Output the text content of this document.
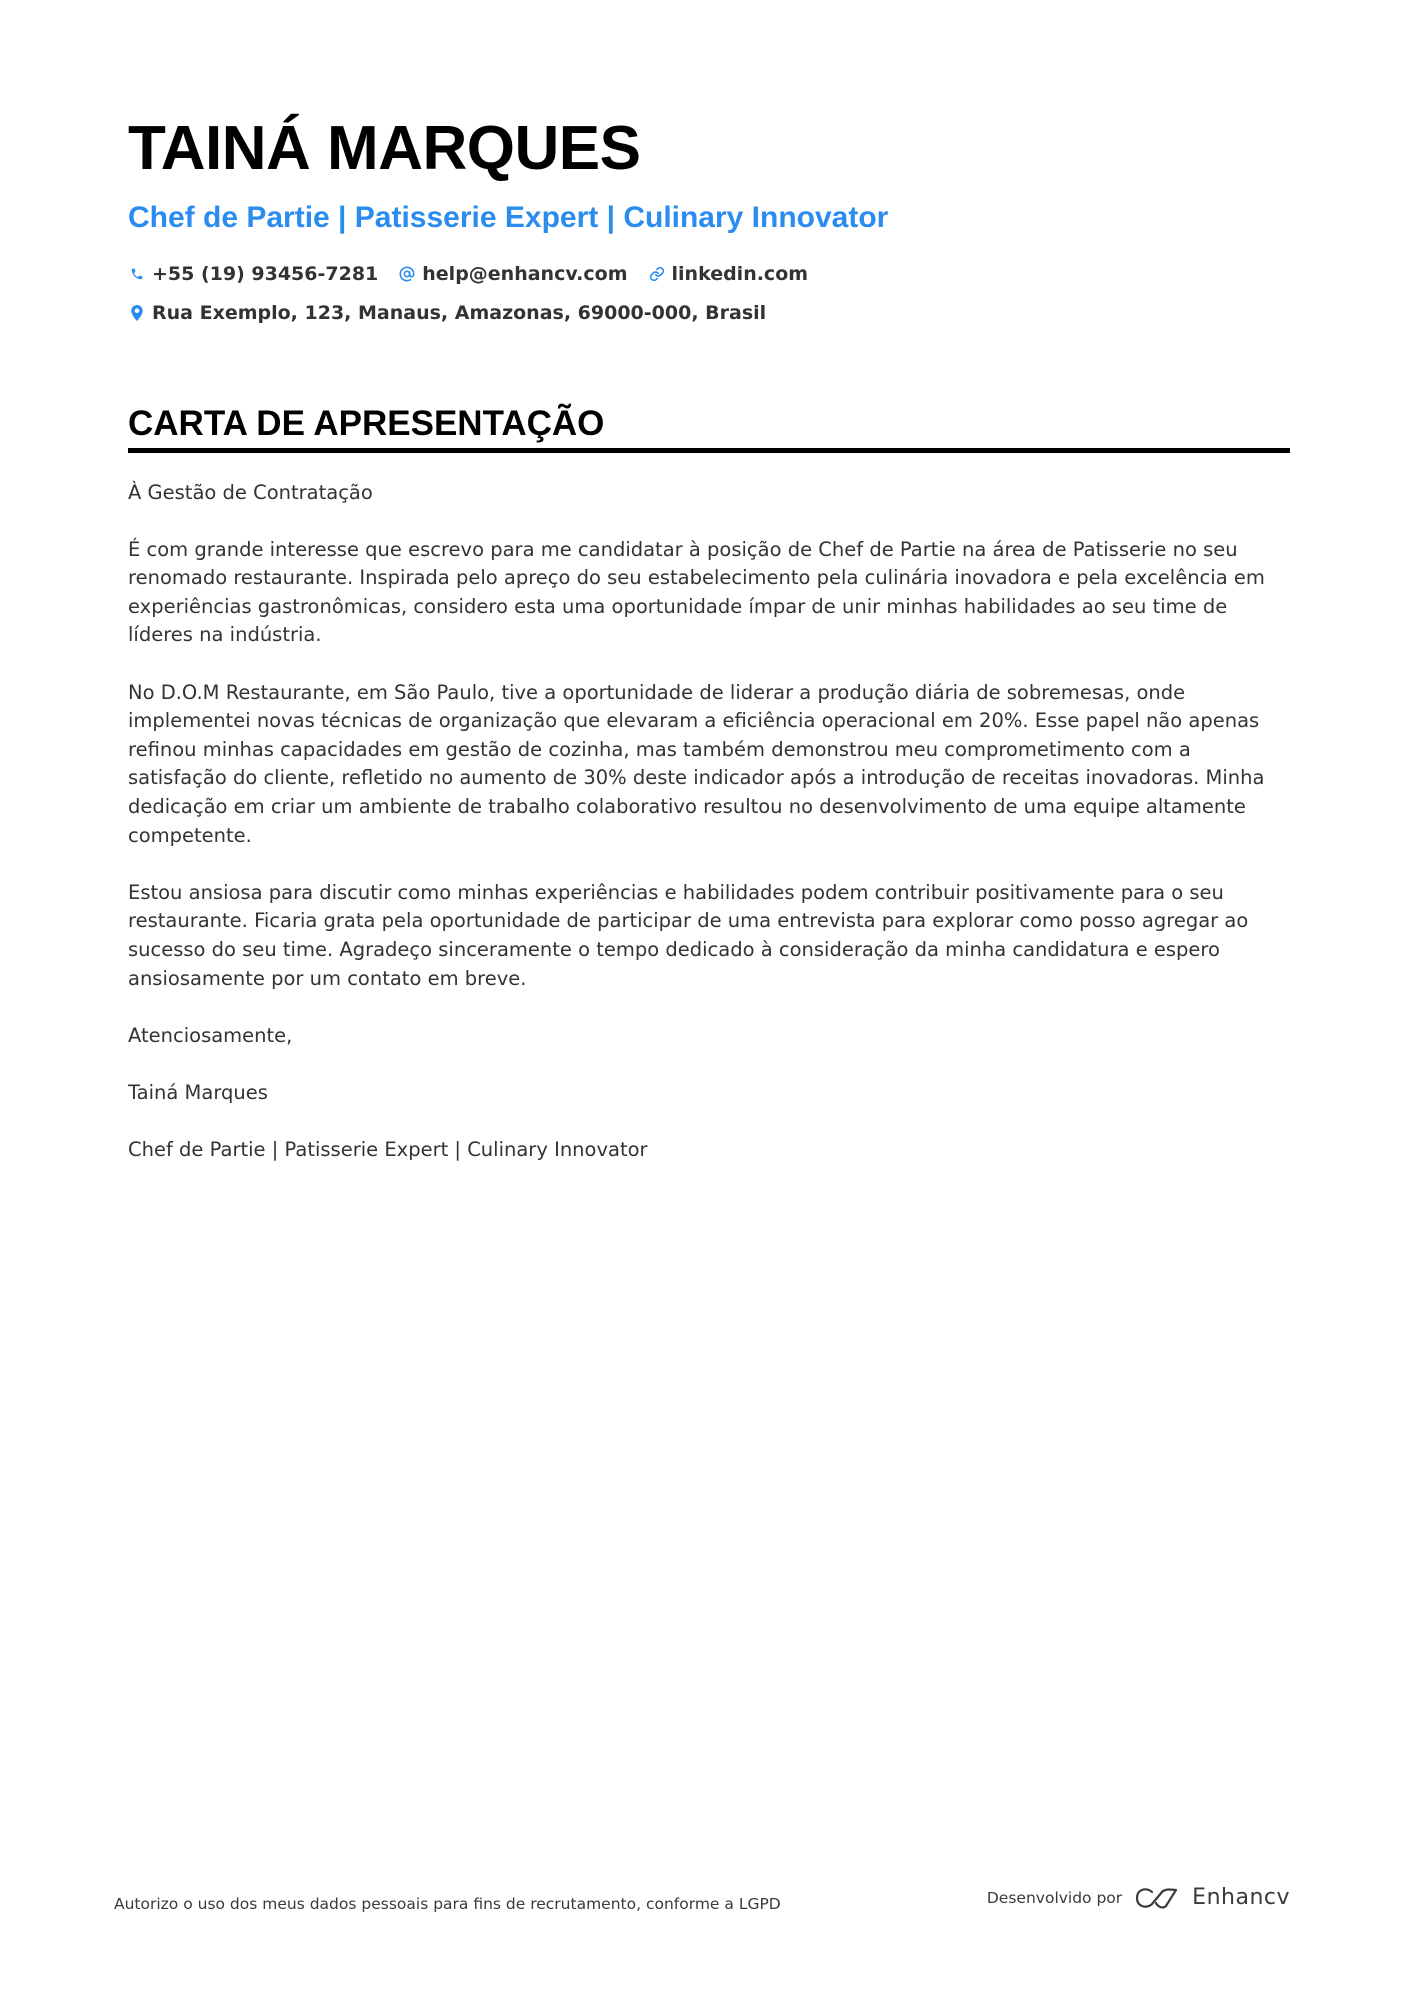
TAINÁ MARQUES
Chef de Partie | Patisserie Expert | Culinary Innovator
+55 (19) 93456-7281 help@enhancv.com linkedin.com
Rua Exemplo, 123, Manaus, Amazonas, 69000-000, Brasil
CARTA DE APRESENTAÇÃO

À Gestão de Contratação

É com grande interesse que escrevo para me candidatar à posição de Chef de Partie na área de Patisserie no seu renomado restaurante. Inspirada pelo apreço do seu estabelecimento pela culinária inovadora e pela excelência em experiências gastronômicas, considero esta uma oportunidade ímpar de unir minhas habilidades ao seu time de líderes na indústria.

No D.O.M Restaurante, em São Paulo, tive a oportunidade de liderar a produção diária de sobremesas, onde implementei novas técnicas de organização que elevaram a eficiência operacional em 20%. Esse papel não apenas refinou minhas capacidades em gestão de cozinha, mas também demonstrou meu comprometimento com a satisfação do cliente, refletido no aumento de 30% deste indicador após a introdução de receitas inovadoras. Minha dedicação em criar um ambiente de trabalho colaborativo resultou no desenvolvimento de uma equipe altamente competente.

Estou ansiosa para discutir como minhas experiências e habilidades podem contribuir positivamente para o seu restaurante. Ficaria grata pela oportunidade de participar de uma entrevista para explorar como posso agregar ao sucesso do seu time. Agradeço sinceramente o tempo dedicado à consideração da minha candidatura e espero ansiosamente por um contato em breve.

Atenciosamente,

Tainá Marques

Chef de Partie | Patisserie Expert | Culinary Innovator

Autorizo o uso dos meus dados pessoais para fins de recrutamento, conforme a LGPD	Desenvolvido por	Enhancv
